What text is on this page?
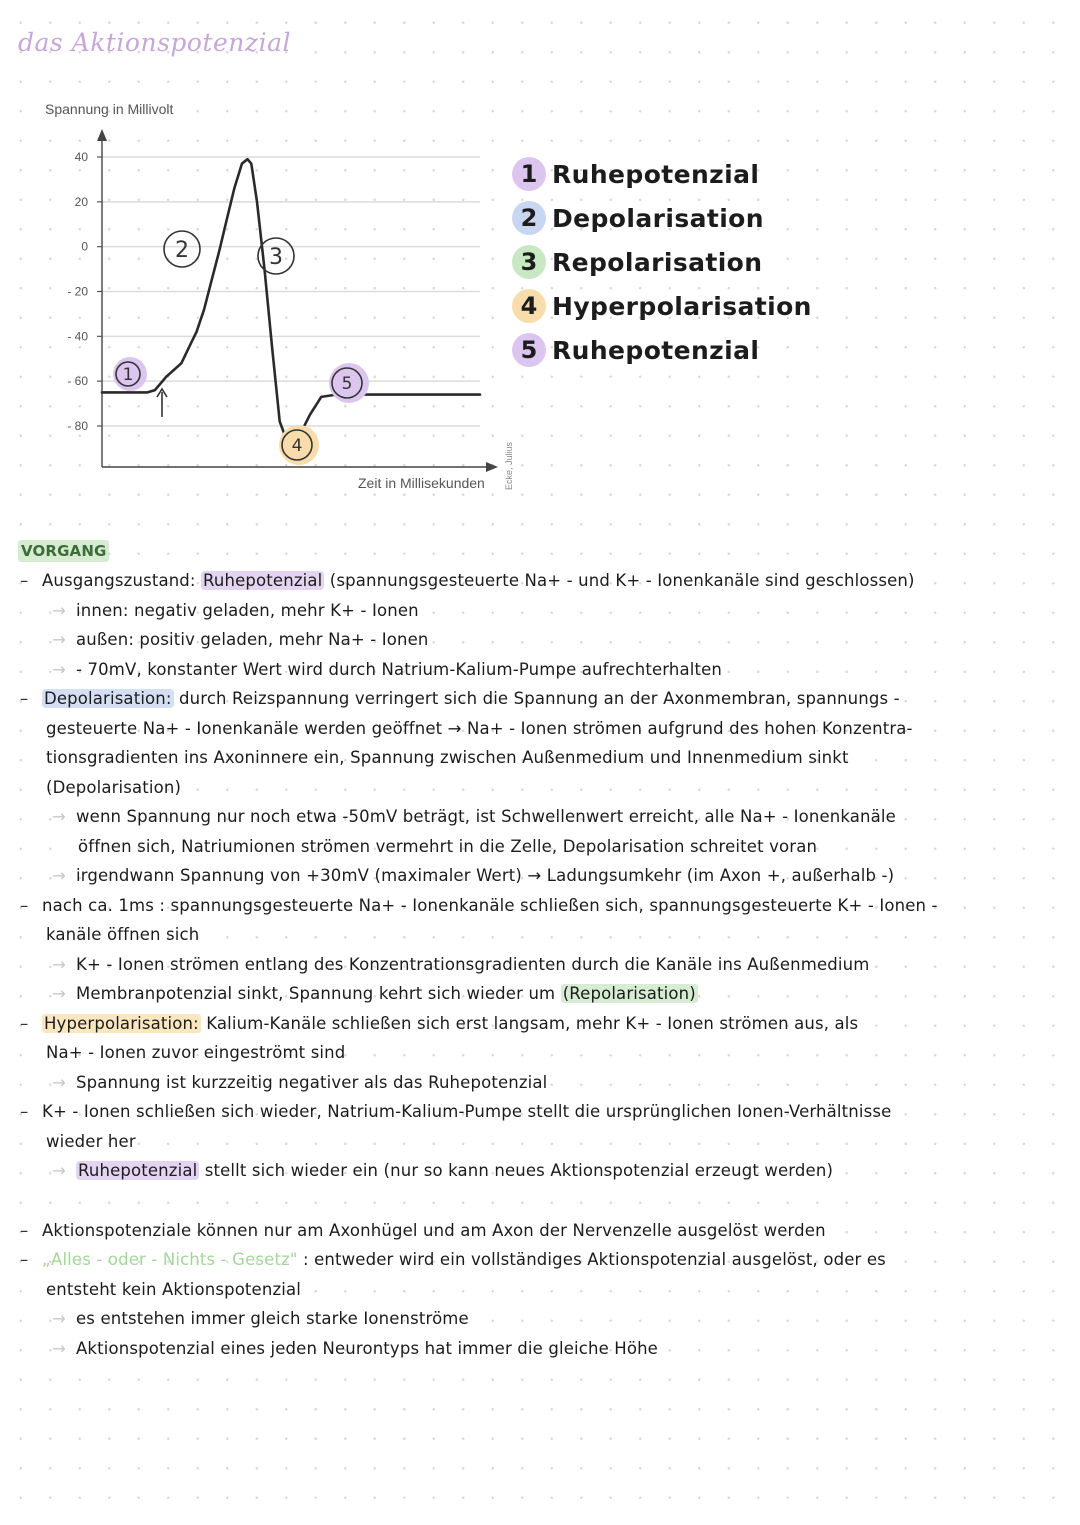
das Aktionspotenzial
40
20
0
- 20
- 40
- 60
- 80
1
2	3
4
5
Spannung in Millivolt
Zeit in Millisekunden Ecke, Julius
1 Ruhepotenzial
2 Depolarisation
3 Repolarisation
4 Hyperpolarisation
5 Ruhepotenzial
VORGANG
– Ausgangszustand: Ruhepotenzial (spannungsgesteuerte Na+ - und K+ - Ionenkanäle sind geschlossen)
→ innen: negativ geladen, mehr K+ - Ionen
→ außen: positiv geladen, mehr Na+ - Ionen
→ - 70mV, konstanter Wert wird durch Natrium-Kalium-Pumpe aufrechterhalten
– Depolarisation: durch Reizspannung verringert sich die Spannung an der Axonmembran, spannungs -
gesteuerte Na+ - Ionenkanäle werden geöffnet → Na+ - Ionen strömen aufgrund des hohen Konzentra-
tionsgradienten ins Axoninnere ein, Spannung zwischen Außenmedium und Innenmedium sinkt
(Depolarisation)
→ wenn Spannung nur noch etwa -50mV beträgt, ist Schwellenwert erreicht, alle Na+ - Ionenkanäle
öffnen sich, Natriumionen strömen vermehrt in die Zelle, Depolarisation schreitet voran
→ irgendwann Spannung von +30mV (maximaler Wert) → Ladungsumkehr (im Axon +, außerhalb -)
– nach ca. 1ms : spannungsgesteuerte Na+ - Ionenkanäle schließen sich, spannungsgesteuerte K+ - Ionen -
kanäle öffnen sich
→ K+ - Ionen strömen entlang des Konzentrationsgradienten durch die Kanäle ins Außenmedium
→ Membranpotenzial sinkt, Spannung kehrt sich wieder um (Repolarisation)
– Hyperpolarisation: Kalium-Kanäle schließen sich erst langsam, mehr K+ - Ionen strömen aus, als
Na+ - Ionen zuvor eingeströmt sind
→ Spannung ist kurzzeitig negativer als das Ruhepotenzial
– K+ - Ionen schließen sich wieder, Natrium-Kalium-Pumpe stellt die ursprünglichen Ionen-Verhältnisse
wieder her
→ Ruhepotenzial stellt sich wieder ein (nur so kann neues Aktionspotenzial erzeugt werden)
– Aktionspotenziale können nur am Axonhügel und am Axon der Nervenzelle ausgelöst werden
– „Alles - oder - Nichts - Gesetz" : entweder wird ein vollständiges Aktionspotenzial ausgelöst, oder es
entsteht kein Aktionspotenzial
→ es entstehen immer gleich starke Ionenströme
→ Aktionspotenzial eines jeden Neurontyps hat immer die gleiche Höhe
